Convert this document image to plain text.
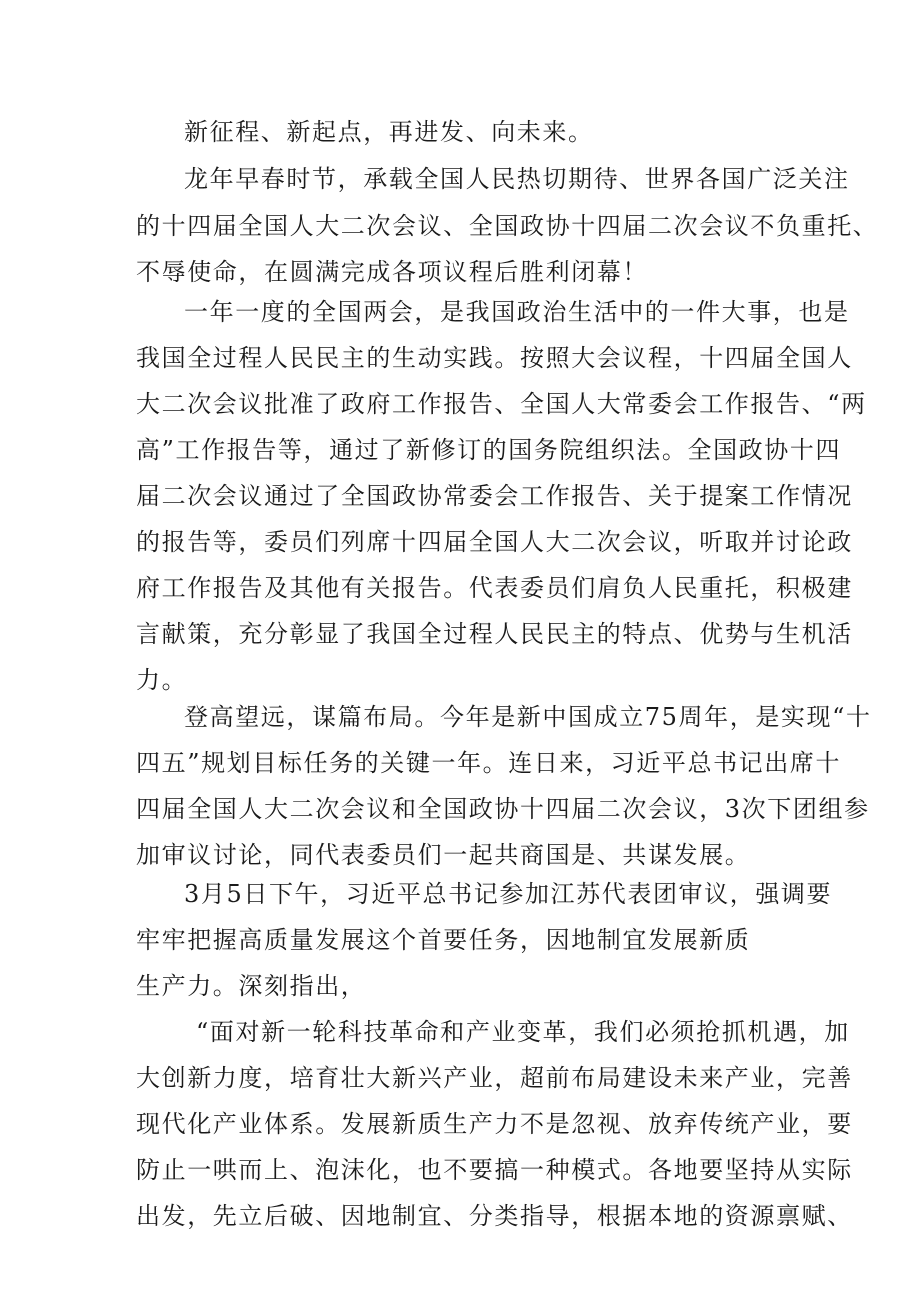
新征程、新起点，再进发、向未来。
龙年早春时节，承载全国人民热切期待、世界各国广泛关注
的十四届全国人大二次会议、全国政协十四届二次会议不负重托、
不辱使命，在圆满完成各项议程后胜利闭幕！
一年一度的全国两会，是我国政治生活中的一件大事，也是
我国全过程人民民主的生动实践。按照大会议程，十四届全国人
大二次会议批准了政府工作报告、全国人大常委会工作报告、“两
高”工作报告等，通过了新修订的国务院组织法。全国政协十四
届二次会议通过了全国政协常委会工作报告、关于提案工作情况
的报告等，委员们列席十四届全国人大二次会议，听取并讨论政
府工作报告及其他有关报告。代表委员们肩负人民重托，积极建
言献策，充分彰显了我国全过程人民民主的特点、优势与生机活
力。
登高望远，谋篇布局。今年是新中国成立75周年，是实现“十
四五”规划目标任务的关键一年。连日来，习近平总书记出席十
四届全国人大二次会议和全国政协十四届二次会议，3次下团组参
加审议讨论，同代表委员们一起共商国是、共谋发展。
3月5日下午，习近平总书记参加江苏代表团审议，强调要
牢牢把握高质量发展这个首要任务，因地制宜发展新质
生产力。深刻指出，
“面对新一轮科技革命和产业变革，我们必须抢抓机遇，加
大创新力度，培育壮大新兴产业，超前布局建设未来产业，完善
现代化产业体系。发展新质生产力不是忽视、放弃传统产业，要
防止一哄而上、泡沫化，也不要搞一种模式。各地要坚持从实际
出发，先立后破、因地制宜、分类指导，根据本地的资源禀赋、
